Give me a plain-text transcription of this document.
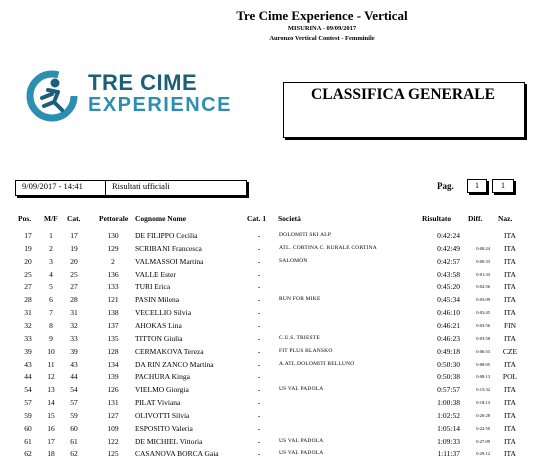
Tre Cime Experience - Vertical
MISURINA - 09/09/2017
Auronzo Vertical Contest - Femminile
TRE CIME
EXPERIENCE	CLASSIFICA GENERALE
9/09/2017 - 14:41	Risultati ufficiali	Pag.	1	1
Pos. M/F Cat. Pettorale Cognome Nome	Cat. 1 Società	Risultato Diff. Naz.
17	1	17	130	DE FILIPPO Cecilia	-	DOLOMITI SKI ALP	0:42:24	ITA
19	2	19	129	SCRIBANI Francesca	-	ATL. CORTINA C. RURALE CORTINA	0:42:49	0:00:24	ITA
20	3	20	2	VALMASSOI Martina	-	SALOMON	0:42:57	0:00:33	ITA
25	4	25	136	VALLE Ester	-	0:43:58	0:01:33	ITA
27	5	27	133	TURI Erica	-	0:45:20	0:02:56	ITA
28	6	28	121	PASIN Milena	-	RUN FOR MIKE	0:45:34	0:03:09	ITA
31	7	31	138	VECELLIO Silvia	-	0:46:10	0:03:45	ITA
32	8	32	137	AHOKAS Lina	-	0:46:21	0:03:56	FIN
33	9	33	135	TITTON Giulia	-	C.U.S. TRIESTE	0:46:23	0:03:58	ITA
39	10	39	128	CERMAKOVA Tereza	-	FIT PLUS BLANSKO	0:49:18	0:06:53	CZE
43	11	43	134	DA RIN ZANCO Martina	-	A.ATL.DOLOMITI BELLUNO	0:50:30	0:08:05	ITA
44	12	44	139	PACHURA Kinga	-	0:50:38	0:08:13	POL
54	13	54	126	VIELMO Giorgia	-	US VAL PADOLA	0:57:57	0:15:32	ITA
57	14	57	131	PILAT Viviana	-	1:00:38	0:18:13	ITA
59	15	59	127	OLIVOTTI Silvia	-	1:02:52	0:20:28	ITA
60	16	60	109	ESPOSITO Valeria	-	1:05:14	0:22:50	ITA
61	17	61	122	DE MICHIEL Vittoria	-	US VAL PADOLA	1:09:33	0:27:09	ITA
62	18	62	125	CASANOVA BORCA Gaia	-	US VAL PADOLA	1:11:37	0:29:12	ITA
